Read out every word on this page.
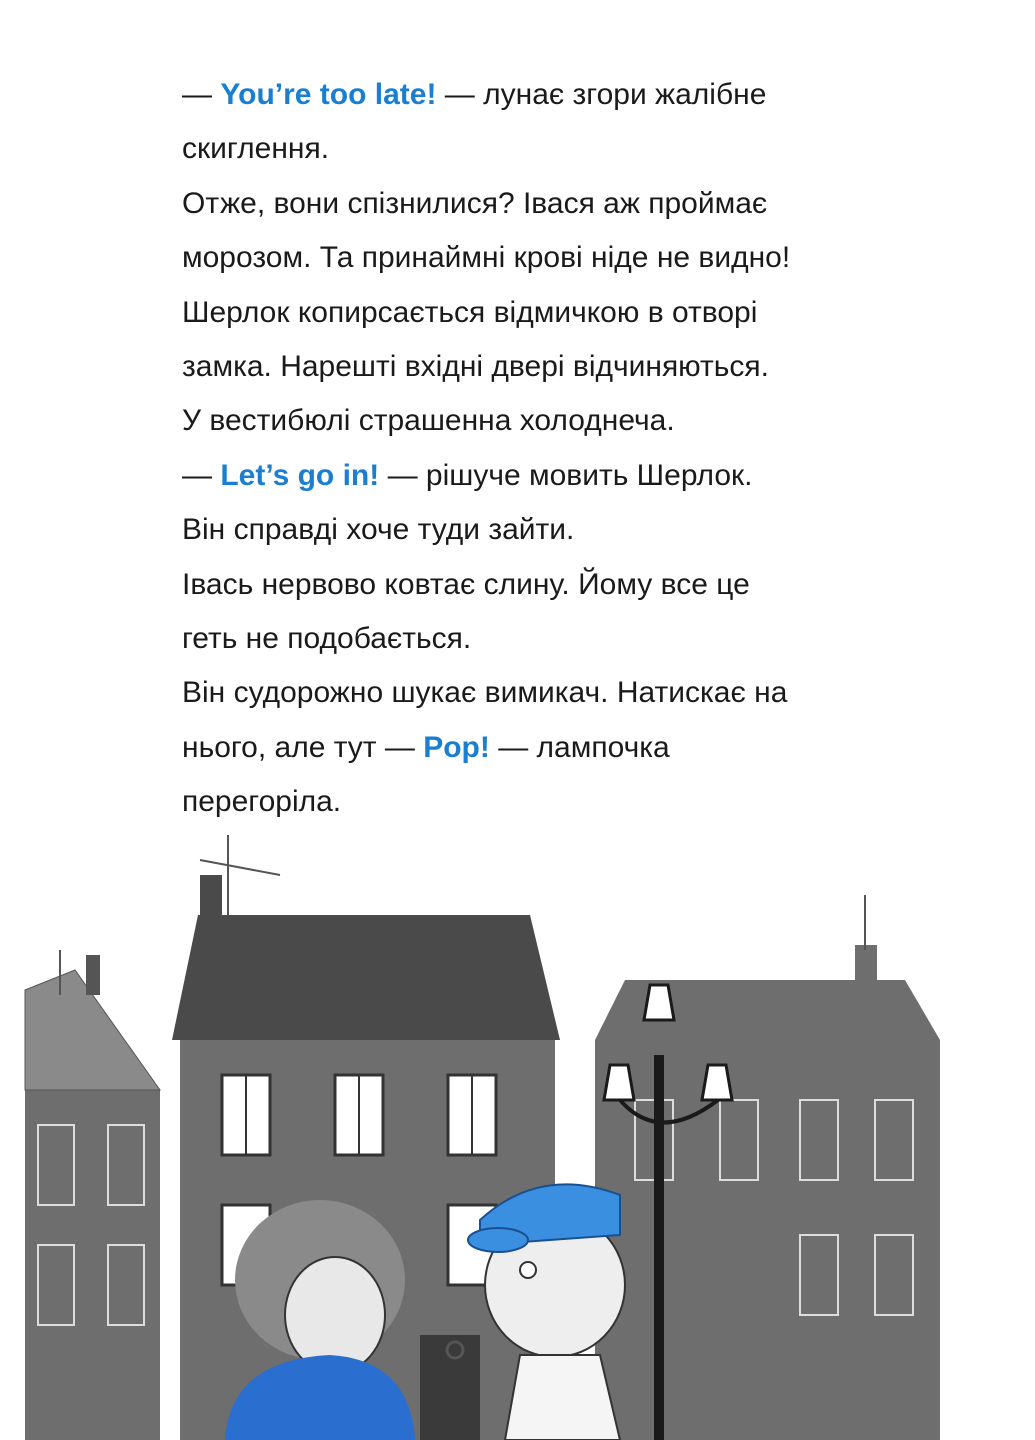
— You’re too late! — лунає згори жалібне
скиглення.
Отже, вони спізнилися? Івася аж проймає
морозом. Та принаймні крові ніде не видно!
Шерлок копирсається відмичкою в отворі
замка. Нарешті вхідні двері відчиняються.
У вестибюлі страшенна холоднеча.
— Let’s go in! — рішуче мовить Шерлок.
Він справді хоче туди зайти.
Івась нервово ковтає слину. Йому все це
геть не подобається.
Він судорожно шукає вимикач. Натискає на
нього, але тут — Pop! — лампочка
перегоріла.
